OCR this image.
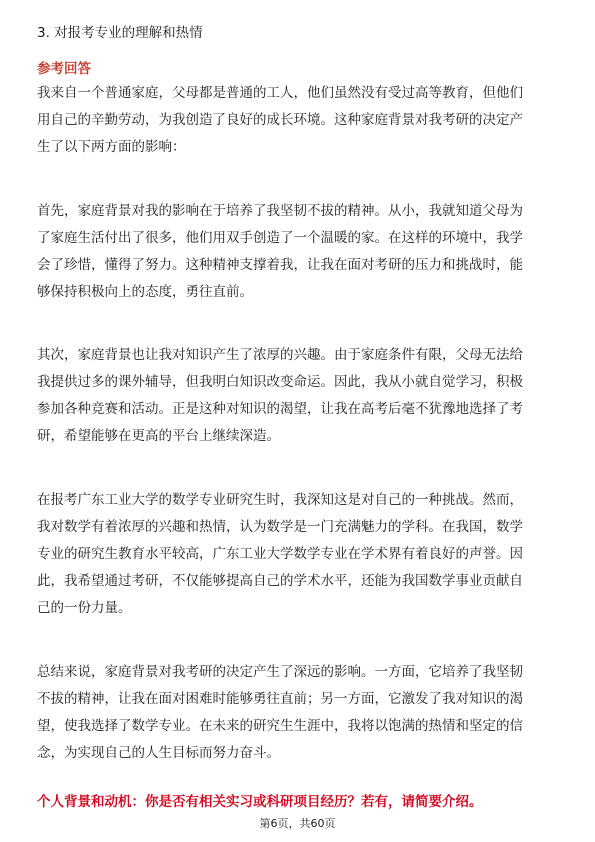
3. 对报考专业的理解和热情
参考回答
我来自一个普通家庭，父母都是普通的工人，他们虽然没有受过高等教育，但他们
用自己的辛勤劳动，为我创造了良好的成长环境。这种家庭背景对我考研的决定产
生了以下两方面的影响：
首先，家庭背景对我的影响在于培养了我坚韧不拔的精神。从小，我就知道父母为
了家庭生活付出了很多，他们用双手创造了一个温暖的家。在这样的环境中，我学
会了珍惜，懂得了努力。这种精神支撑着我，让我在面对考研的压力和挑战时，能
够保持积极向上的态度，勇往直前。
其次，家庭背景也让我对知识产生了浓厚的兴趣。由于家庭条件有限，父母无法给
我提供过多的课外辅导，但我明白知识改变命运。因此，我从小就自觉学习，积极
参加各种竞赛和活动。正是这种对知识的渴望，让我在高考后毫不犹豫地选择了考
研，希望能够在更高的平台上继续深造。
在报考广东工业大学的数学专业研究生时，我深知这是对自己的一种挑战。然而，
我对数学有着浓厚的兴趣和热情，认为数学是一门充满魅力的学科。在我国，数学
专业的研究生教育水平较高，广东工业大学数学专业在学术界有着良好的声誉。因
此，我希望通过考研，不仅能够提高自己的学术水平，还能为我国数学事业贡献自
己的一份力量。
总结来说，家庭背景对我考研的决定产生了深远的影响。一方面，它培养了我坚韧
不拔的精神，让我在面对困难时能够勇往直前；另一方面，它激发了我对知识的渴
望，使我选择了数学专业。在未来的研究生生涯中，我将以饱满的热情和坚定的信
念，为实现自己的人生目标而努力奋斗。
个人背景和动机：你是否有相关实习或科研项目经历？若有，请简要介绍。
第6页，共60页
